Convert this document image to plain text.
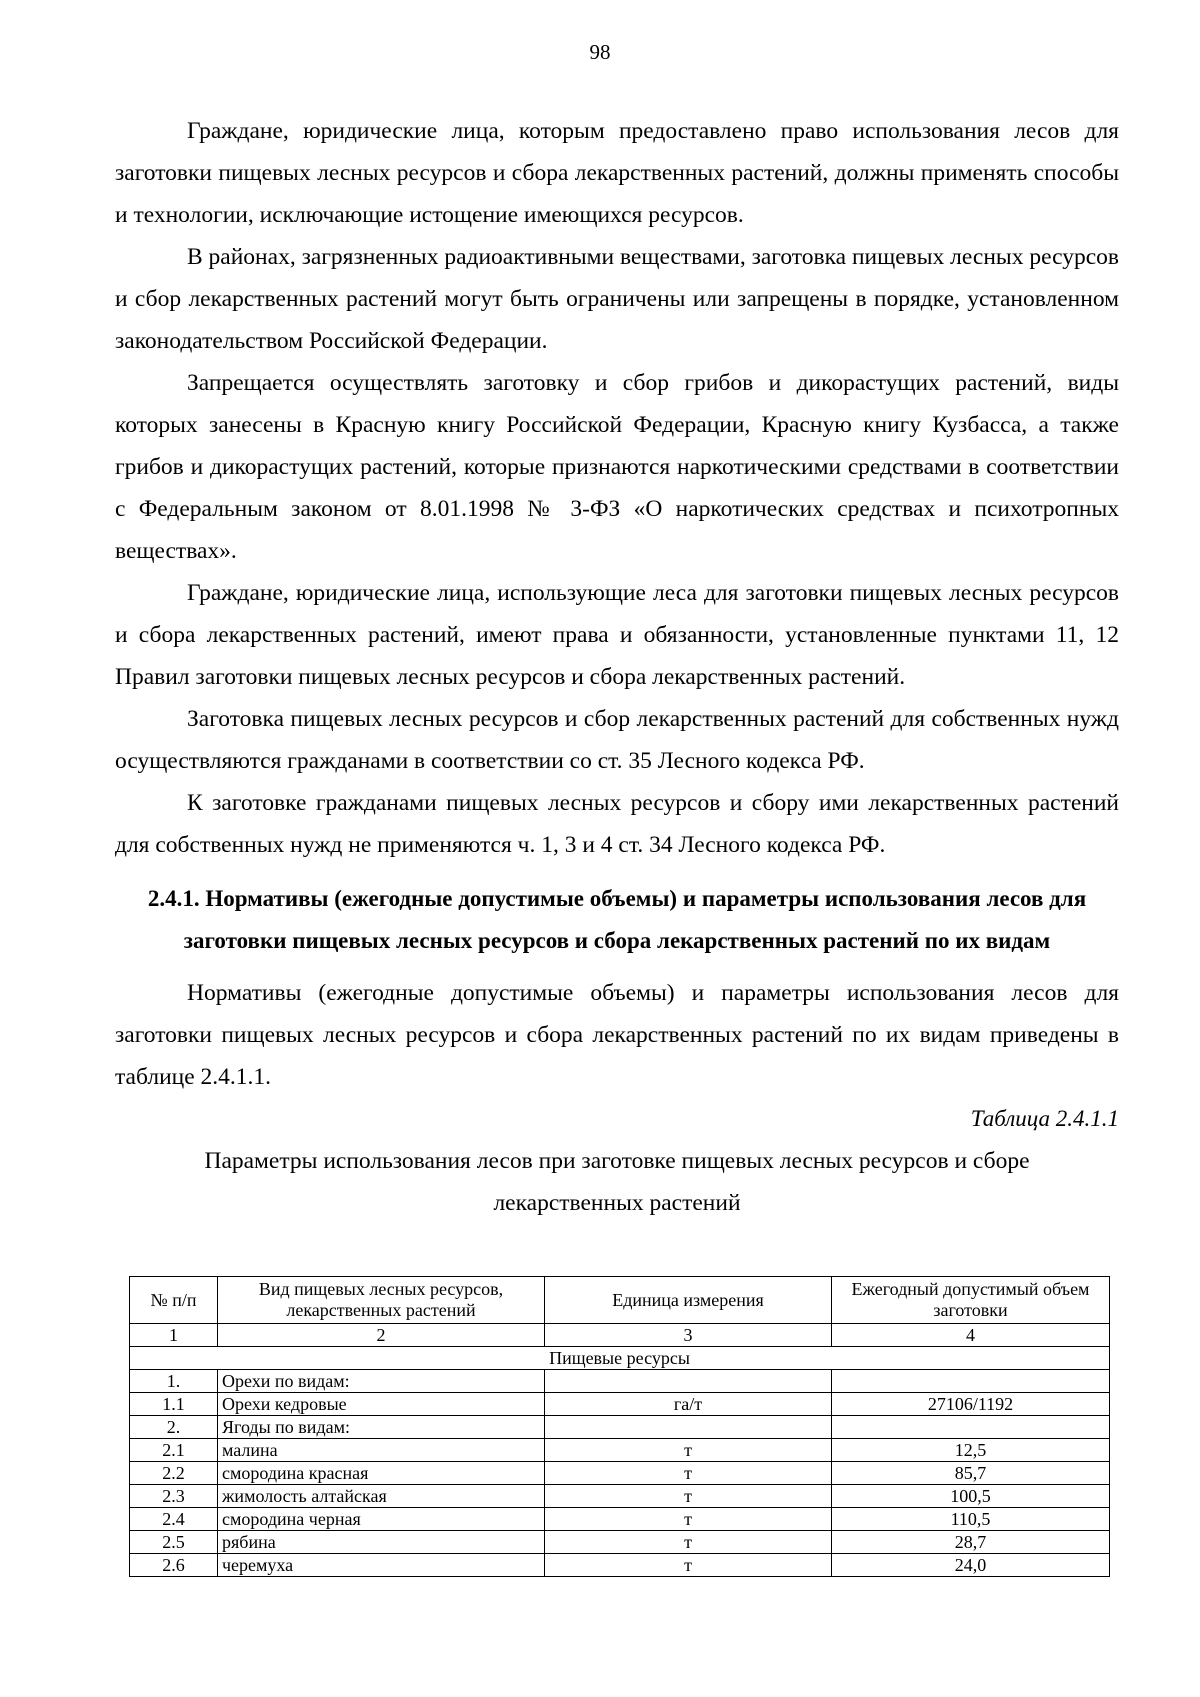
98

Граждане, юридические лица, которым предоставлено право использования лесов для заготовки пищевых лесных ресурсов и сбора лекарственных растений, должны применять способы и технологии, исключающие истощение имеющихся ресурсов.

В районах, загрязненных радиоактивными веществами, заготовка пищевых лесных ресурсов и сбор лекарственных растений могут быть ограничены или запрещены в порядке, установленном законодательством Российской Федерации.

Запрещается осуществлять заготовку и сбор грибов и дикорастущих растений, виды которых занесены в Красную книгу Российской Федерации, Красную книгу Кузбасса, а также грибов и дикорастущих растений, которые признаются наркотическими средствами в соответствии с Федеральным законом от 8.01.1998 № 3-ФЗ «О наркотических средствах и психотропных веществах».

Граждане, юридические лица, использующие леса для заготовки пищевых лесных ресурсов и сбора лекарственных растений, имеют права и обязанности, установленные пунктами 11, 12 Правил заготовки пищевых лесных ресурсов и сбора лекарственных растений.

Заготовка пищевых лесных ресурсов и сбор лекарственных растений для собственных нужд осуществляются гражданами в соответствии со ст. 35 Лесного кодекса РФ.

К заготовке гражданами пищевых лесных ресурсов и сбору ими лекарственных растений для собственных нужд не применяются ч. 1, 3 и 4 ст. 34 Лесного кодекса РФ.

2.4.1. Нормативы (ежегодные допустимые объемы) и параметры использования лесов для заготовки пищевых лесных ресурсов и сбора лекарственных растений по их видам

Нормативы (ежегодные допустимые объемы) и параметры использования лесов для заготовки пищевых лесных ресурсов и сбора лекарственных растений по их видам приведены в таблице 2.4.1.1.

Таблица 2.4.1.1

Параметры использования лесов при заготовке пищевых лесных ресурсов и сборе лекарственных растений

№ п/п	Вид пищевых лесных ресурсов, лекарственных растений	Единица измерения	Ежегодный допустимый объем заготовки
1	2	3	4
Пищевые ресурсы			
1.	Орехи по видам:		
1.1	Орехи кедровые	га/т	27106/1192
2.	Ягоды по видам:		
2.1	малина	т	12,5
2.2	смородина красная	т	85,7
2.3	жимолость алтайская	т	100,5
2.4	смородина черная	т	110,5
2.5	рябина	т	28,7
2.6	черемуха	т	24,0
